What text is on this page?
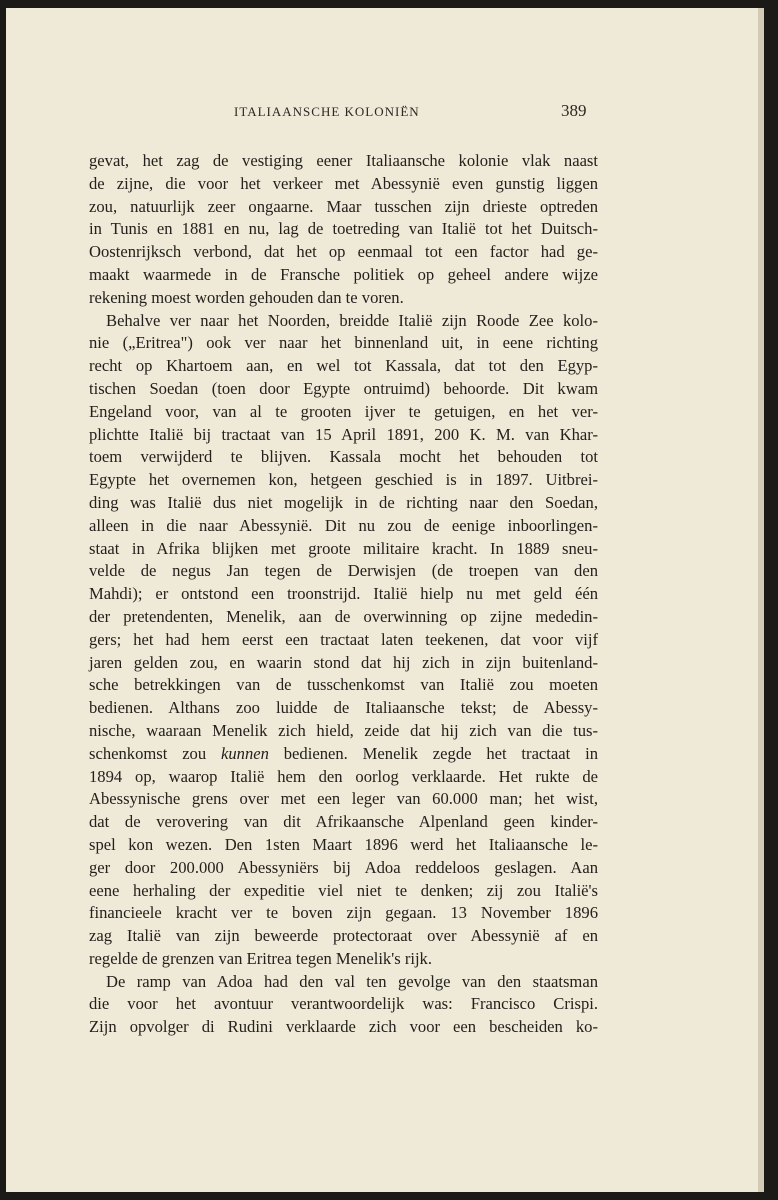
ITALIAANSCHE KOLONIËN	389
gevat, het zag de vestiging eener Italiaansche kolonie vlak naast
de zijne, die voor het verkeer met Abessynië even gunstig liggen
zou, natuurlijk zeer ongaarne. Maar tusschen zijn drieste optreden
in Tunis en 1881 en nu, lag de toetreding van Italië tot het Duitsch-
Oostenrijksch verbond, dat het op eenmaal tot een factor had ge-
maakt waarmede in de Fransche politiek op geheel andere wijze
rekening moest worden gehouden dan te voren.
Behalve ver naar het Noorden, breidde Italië zijn Roode Zee kolo-
nie („Eritrea") ook ver naar het binnenland uit, in eene richting
recht op Khartoem aan, en wel tot Kassala, dat tot den Egyp-
tischen Soedan (toen door Egypte ontruimd) behoorde. Dit kwam
Engeland voor, van al te grooten ijver te getuigen, en het ver-
plichtte Italië bij tractaat van 15 April 1891, 200 K. M. van Khar-
toem verwijderd te blijven. Kassala mocht het behouden tot
Egypte het overnemen kon, hetgeen geschied is in 1897. Uitbrei-
ding was Italië dus niet mogelijk in de richting naar den Soedan,
alleen in die naar Abessynië. Dit nu zou de eenige inboorlingen-
staat in Afrika blijken met groote militaire kracht. In 1889 sneu-
velde de negus Jan tegen de Derwisjen (de troepen van den
Mahdi); er ontstond een troonstrijd. Italië hielp nu met geld één
der pretendenten, Menelik, aan de overwinning op zijne mededin-
gers; het had hem eerst een tractaat laten teekenen, dat voor vijf
jaren gelden zou, en waarin stond dat hij zich in zijn buitenland-
sche betrekkingen van de tusschenkomst van Italië zou moeten
bedienen. Althans zoo luidde de Italiaansche tekst; de Abessy-
nische, waaraan Menelik zich hield, zeide dat hij zich van die tus-
schenkomst zou kunnen bedienen. Menelik zegde het tractaat in
1894 op, waarop Italië hem den oorlog verklaarde. Het rukte de
Abessynische grens over met een leger van 60.000 man; het wist,
dat de verovering van dit Afrikaansche Alpenland geen kinder-
spel kon wezen. Den 1sten Maart 1896 werd het Italiaansche le-
ger door 200.000 Abessyniërs bij Adoa reddeloos geslagen. Aan
eene herhaling der expeditie viel niet te denken; zij zou Italië's
financieele kracht ver te boven zijn gegaan. 13 November 1896
zag Italië van zijn beweerde protectoraat over Abessynië af en
regelde de grenzen van Eritrea tegen Menelik's rijk.
De ramp van Adoa had den val ten gevolge van den staatsman
die voor het avontuur verantwoordelijk was: Francisco Crispi.
Zijn opvolger di Rudini verklaarde zich voor een bescheiden ko-
